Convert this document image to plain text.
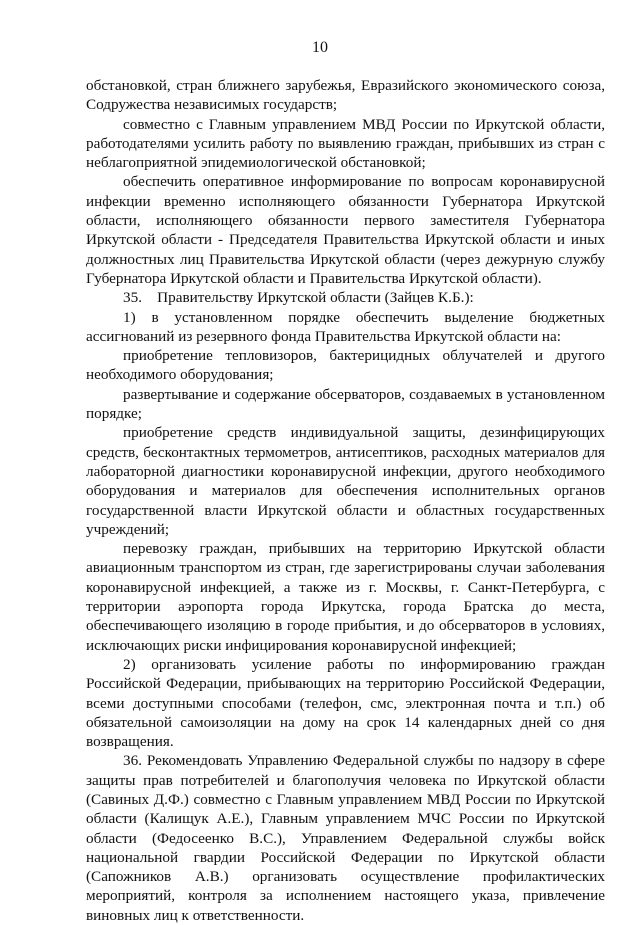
10

обстановкой, стран ближнего зарубежья, Евразийского экономического союза, Содружества независимых государств;

совместно с Главным управлением МВД России по Иркутской области, работодателями усилить работу по выявлению граждан, прибывших из стран с неблагоприятной эпидемиологической обстановкой;

обеспечить оперативное информирование по вопросам коронавирусной инфекции временно исполняющего обязанности Губернатора Иркутской области, исполняющего обязанности первого заместителя Губернатора Иркутской области - Председателя Правительства Иркутской области и иных должностных лиц Правительства Иркутской области (через дежурную службу Губернатора Иркутской области и Правительства Иркутской области).

35.    Правительству Иркутской области (Зайцев К.Б.):

1) в установленном порядке обеспечить выделение бюджетных ассигнований из резервного фонда Правительства Иркутской области на:

приобретение тепловизоров, бактерицидных облучателей и другого необходимого оборудования;

развертывание и содержание обсерваторов, создаваемых в установленном порядке;

приобретение средств индивидуальной защиты, дезинфицирующих средств, бесконтактных термометров, антисептиков, расходных материалов для лабораторной диагностики коронавирусной инфекции, другого необходимого оборудования и материалов для обеспечения исполнительных органов государственной власти Иркутской области и областных государственных учреждений;

перевозку граждан, прибывших на территорию Иркутской области авиационным транспортом из стран, где зарегистрированы случаи заболевания коронавирусной инфекцией, а также из г. Москвы, г. Санкт-Петербурга, с территории аэропорта города Иркутска, города Братска до места, обеспечивающего изоляцию в городе прибытия, и до обсерваторов в условиях, исключающих риски инфицирования коронавирусной инфекцией;

2) организовать усиление работы по информированию граждан Российской Федерации, прибывающих на территорию Российской Федерации, всеми доступными способами (телефон, смс, электронная почта и т.п.) об обязательной самоизоляции на дому на срок 14 календарных дней со дня возвращения.

36. Рекомендовать Управлению Федеральной службы по надзору в сфере защиты прав потребителей и благополучия человека по Иркутской области (Савиных Д.Ф.) совместно с Главным управлением МВД России по Иркутской области (Калищук А.Е.), Главным управлением МЧС России по Иркутской области (Федосеенко В.С.), Управлением Федеральной службы войск национальной гвардии Российской Федерации по Иркутской области (Сапожников А.В.) организовать осуществление профилактических мероприятий, контроля за исполнением настоящего указа, привлечение виновных лиц к ответственности.
